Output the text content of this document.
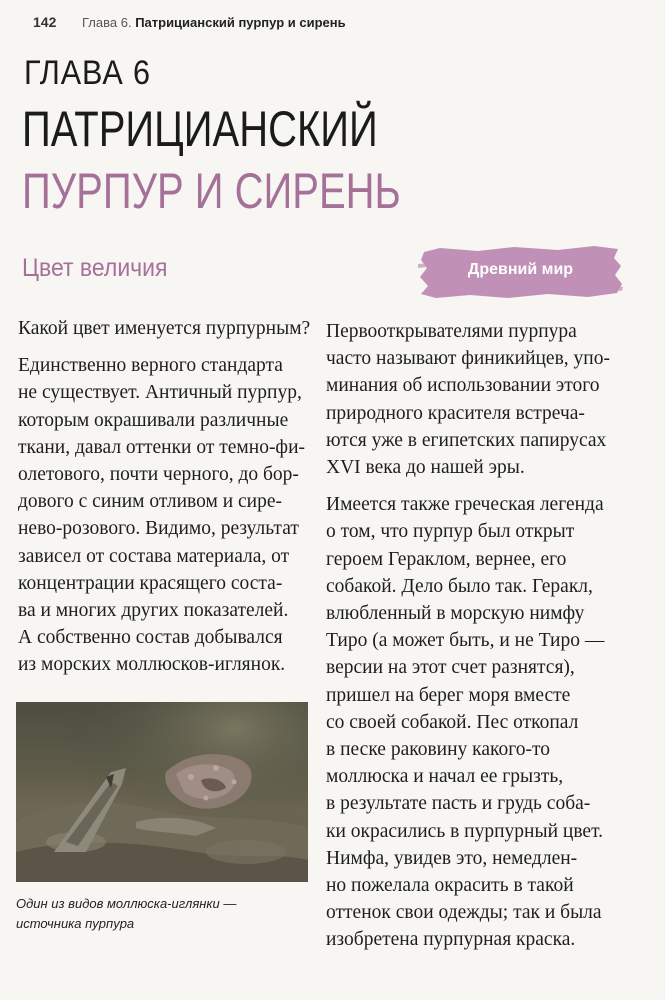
142 Глава 6. Патрицианский пурпур и сирень
ГЛАВА 6
ПАТРИЦИАНСКИЙ
ПУРПУР И СИРЕНЬ
Цвет величия	Древний мир

Какой цвет именуется пурпурным?

Единственно верного стандарта

не существует. Античный пурпур,

которым окрашивали различные

ткани, давал оттенки от темно-фи-

олетового, почти черного, до бор-

дового с синим отливом и сире-

нево-розового. Видимо, результат

зависел от состава материала, от

концентрации красящего соста-

ва и многих других показателей.

А собственно состав добывался

из морских моллюсков-иглянок.

Один из видов моллюска-иглянки —

источника пурпура

Первооткрывателями пурпура

часто называют финикийцев, упо-

минания об использовании этого

природного красителя встреча-

ются уже в египетских папирусах

XVI века до нашей эры.

Имеется также греческая легенда

о том, что пурпур был открыт

героем Гераклом, вернее, его

собакой. Дело было так. Геракл,

влюбленный в морскую нимфу

Тиро (а может быть, и не Тиро —

версии на этот счет разнятся),

пришел на берег моря вместе

со своей собакой. Пес откопал

в песке раковину какого-то

моллюска и начал ее грызть,

в результате пасть и грудь соба-

ки окрасились в пурпурный цвет.

Нимфа, увидев это, немедлен-

но пожелала окрасить в такой

оттенок свои одежды; так и была

изобретена пурпурная краска.
